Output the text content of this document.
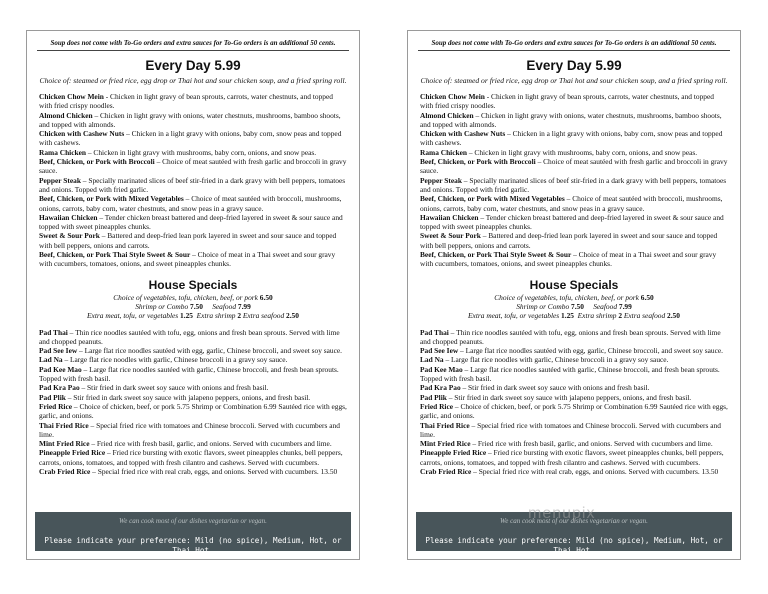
Soup does not come with To-Go orders and extra sauces for To-Go orders is an additional 50 cents.
Every Day 5.99
Choice of: steamed or fried rice, egg drop or Thai hot and sour chicken soup, and a fried spring roll.

Chicken Chow Mein - Chicken in light gravy of bean sprouts, carrots, water chestnuts, and topped with fried crispy noodles.

Almond Chicken – Chicken in light gravy with onions, water chestnuts, mushrooms, bamboo shoots, and topped with almonds.

Chicken with Cashew Nuts – Chicken in a light gravy with onions, baby corn, snow peas and topped with cashews.

Rama Chicken – Chicken in light gravy with mushrooms, baby corn, onions, and snow peas.

Beef, Chicken, or Pork with Broccoli – Choice of meat sautéed with fresh garlic and broccoli in gravy sauce.

Pepper Steak – Specially marinated slices of beef stir-fried in a dark gravy with bell peppers, tomatoes and onions. Topped with fried garlic.

Beef, Chicken, or Pork with Mixed Vegetables – Choice of meat sautéed with broccoli, mushrooms, onions, carrots, baby corn, water chestnuts, and snow peas in a gravy sauce.

Hawaiian Chicken – Tender chicken breast battered and deep-fried layered in sweet & sour sauce and topped with sweet pineapples chunks.

Sweet & Sour Pork – Battered and deep-fried lean pork layered in sweet and sour sauce and topped with bell peppers, onions and carrots.

Beef, Chicken, or Pork Thai Style Sweet & Sour – Choice of meat in a Thai sweet and sour gravy with cucumbers, tomatoes, onions, and sweet pineapples chunks.

House Specials
Choice of vegetables, tofu, chicken, beef, or pork 6.50
Shrimp or Combo 7.50 Seafood 7.99
Extra meat, tofu, or vegetables 1.25 Extra shrimp 2 Extra seafood 2.50

Pad Thai – Thin rice noodles sautéed with tofu, egg, onions and fresh bean sprouts. Served with lime and chopped peanuts.

Pad See Iew – Large flat rice noodles sautéed with egg, garlic, Chinese broccoli, and sweet soy sauce.

Lad Na – Large flat rice noodles with garlic, Chinese broccoli in a gravy soy sauce.

Pad Kee Mao – Large flat rice noodles sautéed with garlic, Chinese broccoli, and fresh bean sprouts. Topped with fresh basil.

Pad Kra Pao – Stir fried in dark sweet soy sauce with onions and fresh basil.

Pad Plik – Stir fried in dark sweet soy sauce with jalapeno peppers, onions, and fresh basil.

Fried Rice – Choice of chicken, beef, or pork 5.75 Shrimp or Combination 6.99 Sautéed rice with eggs, garlic, and onions.

Thai Fried Rice – Special fried rice with tomatoes and Chinese broccoli. Served with cucumbers and lime.

Mint Fried Rice – Fried rice with fresh basil, garlic, and onions. Served with cucumbers and lime.

Pineapple Fried Rice – Fried rice bursting with exotic flavors, sweet pineapples chunks, bell peppers, carrots, onions, tomatoes, and topped with fresh cilantro and cashews. Served with cucumbers.

Crab Fried Rice – Special fried rice with real crab, eggs, and onions. Served with cucumbers. 13.50

We can cook most of our dishes vegetarian or vegan.
Please indicate your preference: Mild (no spice), Medium, Hot, or Thai Hot.
Soup does not come with To-Go orders and extra sauces for To-Go orders is an additional 50 cents.
Every Day 5.99
Choice of: steamed or fried rice, egg drop or Thai hot and sour chicken soup, and a fried spring roll.

Chicken Chow Mein - Chicken in light gravy of bean sprouts, carrots, water chestnuts, and topped with fried crispy noodles.

Almond Chicken – Chicken in light gravy with onions, water chestnuts, mushrooms, bamboo shoots, and topped with almonds.

Chicken with Cashew Nuts – Chicken in a light gravy with onions, baby corn, snow peas and topped with cashews.

Rama Chicken – Chicken in light gravy with mushrooms, baby corn, onions, and snow peas.

Beef, Chicken, or Pork with Broccoli – Choice of meat sautéed with fresh garlic and broccoli in gravy sauce.

Pepper Steak – Specially marinated slices of beef stir-fried in a dark gravy with bell peppers, tomatoes and onions. Topped with fried garlic.

Beef, Chicken, or Pork with Mixed Vegetables – Choice of meat sautéed with broccoli, mushrooms, onions, carrots, baby corn, water chestnuts, and snow peas in a gravy sauce.

Hawaiian Chicken – Tender chicken breast battered and deep-fried layered in sweet & sour sauce and topped with sweet pineapples chunks.

Sweet & Sour Pork – Battered and deep-fried lean pork layered in sweet and sour sauce and topped with bell peppers, onions and carrots.

Beef, Chicken, or Pork Thai Style Sweet & Sour – Choice of meat in a Thai sweet and sour gravy with cucumbers, tomatoes, onions, and sweet pineapples chunks.

House Specials
Choice of vegetables, tofu, chicken, beef, or pork 6.50
Shrimp or Combo 7.50 Seafood 7.99
Extra meat, tofu, or vegetables 1.25 Extra shrimp 2 Extra seafood 2.50

Pad Thai – Thin rice noodles sautéed with tofu, egg, onions and fresh bean sprouts. Served with lime and chopped peanuts.

Pad See Iew – Large flat rice noodles sautéed with egg, garlic, Chinese broccoli, and sweet soy sauce.

Lad Na – Large flat rice noodles with garlic, Chinese broccoli in a gravy soy sauce.

Pad Kee Mao – Large flat rice noodles sautéed with garlic, Chinese broccoli, and fresh bean sprouts. Topped with fresh basil.

Pad Kra Pao – Stir fried in dark sweet soy sauce with onions and fresh basil.

Pad Plik – Stir fried in dark sweet soy sauce with jalapeno peppers, onions, and fresh basil.

Fried Rice – Choice of chicken, beef, or pork 5.75 Shrimp or Combination 6.99 Sautéed rice with eggs, garlic, and onions.

Thai Fried Rice – Special fried rice with tomatoes and Chinese broccoli. Served with cucumbers and lime.

Mint Fried Rice – Fried rice with fresh basil, garlic, and onions. Served with cucumbers and lime.

Pineapple Fried Rice – Fried rice bursting with exotic flavors, sweet pineapples chunks, bell peppers, carrots, onions, tomatoes, and topped with fresh cilantro and cashews. Served with cucumbers.

Crab Fried Rice – Special fried rice with real crab, eggs, and onions. Served with cucumbers. 13.50

We can cook most of our dishes vegetarian or vegan.
Please indicate your preference: Mild (no spice), Medium, Hot, or Thai Hot.
menupix
